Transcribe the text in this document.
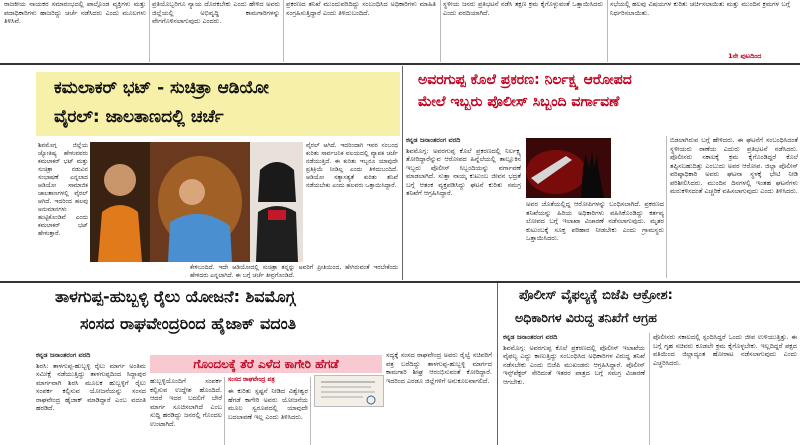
ರಾಜಕೀಯ ನಾಯಕರ ಸಮಾರಂಭದಲ್ಲಿ ಪಾಲ್ಗೊಂಡ ವ್ಯಕ್ತಿಗಳು ಮತ್ತು ಪದಾಧಿಕಾರಿಗಳು ಹಾಜರಿದ್ದು ಚರ್ಚೆ ನಡೆಸಿದರು ಎಂದು ಮೂಲಗಳು ತಿಳಿಸಿವೆ.
ಪ್ರತಿಯೊಬ್ಬರಿಗೂ ನ್ಯಾಯ ದೊರಕಬೇಕು ಎಂದು ಹೇಳಿದ ಅವರು ಜಿಲ್ಲೆಯಲ್ಲಿ ಅಭಿವೃದ್ಧಿ ಕಾಮಗಾರಿಗಳನ್ನು ವೇಗಗೊಳಿಸಲಾಗುವುದು ಎಂದರು.
ಪ್ರಕರಣದ ತನಿಖೆ ಮುಂದುವರಿದಿದ್ದು ಸಂಬಂಧಿಸಿದ ಅಧಿಕಾರಿಗಳು ಮಾಹಿತಿ ಸಂಗ್ರಹಿಸುತ್ತಿದ್ದಾರೆ ಎಂದು ತಿಳಿದುಬಂದಿದೆ.
ಸ್ಥಳೀಯ ಜನರು ಪ್ರತಿಭಟನೆ ನಡೆಸಿ ತಕ್ಷಣ ಕ್ರಮ ಕೈಗೊಳ್ಳುವಂತೆ ಒತ್ತಾಯಿಸಿದರು ಎಂದು ವರದಿಯಾಗಿದೆ.
ಸಭೆಯಲ್ಲಿ ಹಲವು ವಿಷಯಗಳ ಕುರಿತು ಚರ್ಚಿಸಲಾಯಿತು ಮತ್ತು ಮುಂದಿನ ಕ್ರಮಗಳ ಬಗ್ಗೆ ನಿರ್ಧರಿಸಲಾಯಿತು.
1ನೇ ಪುಟದಿಂದ
ಕಮಲಾಕರ್ ಭಟ್ - ಸುಚಿತ್ರಾ ಆಡಿಯೋ
ವೈರಲ್: ಜಾಲತಾಣದಲ್ಲಿ ಚರ್ಚೆ
ಶಿವಮೊಗ್ಗ ಜಿಲ್ಲೆಯ ಜ್ಯೋತಿಷ್ಯ ಹೇಳುವವರು ಕಮಲಾಕರ್ ಭಟ್ ಮತ್ತು ಸುಚಿತ್ರಾ ನಡುವಿನ ಸಂಭಾಷಣೆ ಎನ್ನಲಾದ ಆಡಿಯೋ ಸಾಮಾಜಿಕ ಜಾಲತಾಣಗಳಲ್ಲಿ ವೈರಲ್ ಆಗಿದೆ. ಇದರಿಂದ ಹಲವು ಅನುಮಾನಗಳು ಹುಟ್ಟಿಕೊಂಡಿವೆ ಎಂದು ಕಮಲಾಕರ್ ಭಟ್ ಹೇಳುತ್ತಾರೆ.
ವೈರಲ್ ಆಗಿದೆ. ಇದರಿಂದಾಗಿ ಇವರ ಸಂಬಂಧ ಕುರಿತು ಸಾರ್ವಜನಿಕ ವಲಯದಲ್ಲಿ ವ್ಯಾಪಕ ಚರ್ಚೆ ನಡೆಯುತ್ತಿದೆ. ಈ ಕುರಿತು ಇಬ್ಬರೂ ಯಾವುದೇ ಪ್ರತಿಕ್ರಿಯೆ ನೀಡಿಲ್ಲ ಎಂದು ತಿಳಿದುಬಂದಿದೆ. ಆಡಿಯೋ ಸತ್ಯಾಸತ್ಯತೆ ಕುರಿತು ತನಿಖೆ ನಡೆಯಬೇಕು ಎಂದು ಹಲವರು ಒತ್ತಾಯಿಸಿದ್ದಾರೆ.
ಕೇಳಿಬಂದಿದೆ. ಇದೇ ಆಡಿಯೋದಲ್ಲಿ ಸುಚಿತ್ರಾ ತನ್ನನ್ನು ಅವರಿಗೆ ಪ್ರೀತಿಯಿಂದ, ಹೇಗಿರುವಂತೆ ಇರಬೇಕೆಂದು ಹೇಳಿದರು ಎನ್ನಲಾಗಿದೆ. ಈ ಬಗ್ಗೆ ಚರ್ಚೆ ತೀವ್ರಗೊಂಡಿದೆ.
ಅವರಗುಪ್ಪ ಕೊಲೆ ಪ್ರಕರಣ: ನಿರ್ಲಕ್ಷ್ಯ ಆರೋಪದ
ಮೇಲೆ ಇಬ್ಬರು ಪೊಲೀಸ್ ಸಿಬ್ಬಂದಿ ವರ್ಗಾವಣೆ
ಕನ್ನಡ ಜನಾಂತರಂಗ ವರದಿ
ಶಿವಮೊಗ್ಗ: ಅವರಗುಪ್ಪ ಕೊಲೆ ಪ್ರಕರಣದಲ್ಲಿ ನಿರ್ಲಕ್ಷ್ಯ ತೋರಿದ್ದಾರೆನ್ನುವ ಆರೋಪದ ಹಿನ್ನೆಲೆಯಲ್ಲಿ ತಾಲ್ಲೂಕಿನ ಇಬ್ಬರು ಪೊಲೀಸ್ ಸಿಬ್ಬಂದಿಯನ್ನು ವರ್ಗಾವಣೆ ಮಾಡಲಾಗಿದೆ. ಸುತ್ತಾ ನಾಯ್ಕ ಕುಟುಂಬ ಜೀವನ ಭದ್ರತೆ ಬಗ್ಗೆ ಆತಂಕ ವ್ಯಕ್ತಪಡಿಸಿದ್ದು ಘಟನೆ ಕುರಿತು ಸಮಗ್ರ ತನಿಖೆಗೆ ಆಗ್ರಹಿಸಿದ್ದಾರೆ.
ಅವರ ಜೊತೆಯಲ್ಲಿದ್ದ ಆರೋಪಿಗಳನ್ನು ಬಂಧಿಸಲಾಗಿದೆ. ಪ್ರಕರಣದ ತನಿಖೆಯನ್ನು ಹಿರಿಯ ಅಧಿಕಾರಿಗಳು ವಹಿಸಿಕೊಂಡಿದ್ದು ಕರ್ತವ್ಯ ಲೋಪದ ಬಗ್ಗೆ ಇಲಾಖಾ ವಿಚಾರಣೆ ನಡೆಸಲಾಗುವುದು. ಮೃತರ ಕುಟುಂಬಕ್ಕೆ ಸೂಕ್ತ ಪರಿಹಾರ ನೀಡಬೇಕು ಎಂದು ಗ್ರಾಮಸ್ಥರು ಒತ್ತಾಯಿಸಿದರು.
ಬಿಡಲಾಗಿರುವ ಬಗ್ಗೆ ಹೇಳಿದರು. ಈ ಘಟನೆಗೆ ಸಂಬಂಧಿಸಿದಂತೆ ಸ್ಥಳೀಯರು ಠಾಣೆಯ ಎದುರು ಪ್ರತಿಭಟನೆ ನಡೆಸಿದರು. ಪೊಲೀಸರು ಸಕಾಲಕ್ಕೆ ಕ್ರಮ ಕೈಗೊಂಡಿದ್ದರೆ ಕೊಲೆ ತಪ್ಪಿಸಬಹುದಿತ್ತು ಎಂಬುದು ಅವರ ಆರೋಪ. ಜಿಲ್ಲಾ ಪೊಲೀಸ್ ವರಿಷ್ಠಾಧಿಕಾರಿ ಅವರು ಘಟನಾ ಸ್ಥಳಕ್ಕೆ ಭೇಟಿ ನೀಡಿ ಪರಿಶೀಲಿಸಿದರು. ಮುಂದಿನ ದಿನಗಳಲ್ಲಿ ಇಂತಹ ಘಟನೆಗಳು ಮರುಕಳಿಸದಂತೆ ಎಚ್ಚರಿಕೆ ವಹಿಸಲಾಗುವುದು ಎಂದು ತಿಳಿಸಿದರು.
ತಾಳಗುಪ್ಪ-ಹುಬ್ಬಳ್ಳಿ ರೈಲು ಯೋಜನೆ: ಶಿವಮೊಗ್ಗ
ಸಂಸದ ರಾಘವೇಂದ್ರರಿಂದ ಹೈಜಾಕ್ ವದಂತಿ
ಕನ್ನಡ ಜನಾಂತರಂಗ ವರದಿ
ಶಿರಸಿ: ತಾಳಗುಪ್ಪ-ಹುಬ್ಬಳ್ಳಿ ರೈಲು ಮಾರ್ಗ ಅಂತಿಮ ಸಮೀಕ್ಷೆ ನಡೆಯುತ್ತಿದ್ದು ತಾಳಗುಪ್ಪದಿಂದ ಸಿದ್ದಾಪುರ ಮಾರ್ಗವಾಗಿ ಶಿರಸಿ ಮೂಲಕ ಹುಬ್ಬಳ್ಳಿಗೆ ರೈಲು ಸಂಪರ್ಕ ಕಲ್ಪಿಸುವ ಯೋಜನೆಯನ್ನು ಸಂಸದ ರಾಘವೇಂದ್ರ ಹೈಜಾಕ್ ಮಾಡಿದ್ದಾರೆ ಎಂಬ ವದಂತಿ ಹರಡಿದೆ.
ಗೊಂದಲಕ್ಕೆ ತೆರೆ ಎಳೆದ ಕಾಗೇರಿ ಹೆಗಡೆ
ಹುಬ್ಬಳ್ಳಿಯೊಂದಿಗೆ ಸಂಪರ್ಕ ಕಲ್ಪಿಸುವ ಉದ್ದೇಶ ಹೊಂದಿದೆ. ಆದರೆ ಇದರ ಬದಲಿಗೆ ಬೇರೆ ಮಾರ್ಗ ಸೂಚಿಸಲಾಗಿದೆ ಎಂಬ ಸುದ್ದಿ ಹರಡಿದ್ದು ಜನರಲ್ಲಿ ಗೊಂದಲ ಉಂಟಾಗಿದೆ.
ಸಂಸದ ರಾಘವೇಂದ್ರ ಪತ್ರ
ಈ ಕುರಿತು ಸ್ಪಷ್ಟನೆ ನೀಡಿದ ವಿಶ್ವೇಶ್ವರ ಹೆಗಡೆ ಕಾಗೇರಿ ಅವರು ಯೋಜನೆಯ ಮೂಲ ಸ್ವರೂಪದಲ್ಲಿ ಯಾವುದೇ ಬದಲಾವಣೆ ಇಲ್ಲ ಎಂದು ತಿಳಿಸಿದರು.
ಸದ್ಯಕ್ಕೆ ಸಂಸದ ರಾಘವೇಂದ್ರ ಅವರು ರೈಲ್ವೆ ಸಚಿವರಿಗೆ ಪತ್ರ ಬರೆದಿದ್ದು ತಾಳಗುಪ್ಪ-ಹುಬ್ಬಳ್ಳಿ ಮಾರ್ಗದ ಕಾಮಗಾರಿ ಶೀಘ್ರ ಆರಂಭಿಸುವಂತೆ ಕೋರಿದ್ದಾರೆ. ಇದರಿಂದ ಎರಡೂ ಜಿಲ್ಲೆಗಳಿಗೆ ಅನುಕೂಲವಾಗಲಿದೆ.
ಪೊಲೀಸ್ ವೈಫಲ್ಯಕ್ಕೆ ಬಿಜೆಪಿ ಆಕ್ರೋಶ:
ಅಧಿಕಾರಿಗಳ ವಿರುದ್ಧ ತನಿಖೆಗೆ ಆಗ್ರಹ
ಕನ್ನಡ ಜನಾಂತರಂಗ ವರದಿ
ಶಿವಮೊಗ್ಗ: ಅವರಗುಪ್ಪ ಕೊಲೆ ಪ್ರಕರಣದಲ್ಲಿ ಪೊಲೀಸ್ ಇಲಾಖೆಯ ವೈಫಲ್ಯ ಎದ್ದು ಕಾಣುತ್ತಿದ್ದು ಸಂಬಂಧಿಸಿದ ಅಧಿಕಾರಿಗಳ ವಿರುದ್ಧ ತನಿಖೆ ನಡೆಸಬೇಕು ಎಂದು ಬಿಜೆಪಿ ಮುಖಂಡರು ಆಗ್ರಹಿಸಿದ್ದಾರೆ. ಪೊಲೀಸ್ ಇನ್ಸ್‌ಪೆಕ್ಟರ್ ಸೇರಿದಂತೆ ಇತರರ ಪಾತ್ರದ ಬಗ್ಗೆ ಸಮಗ್ರ ವಿಚಾರಣೆ ಆಗಬೇಕು.
ಪೊಲೀಸರು ಸಕಾಲದಲ್ಲಿ ಸ್ಪಂದಿಸಿದ್ದರೆ ಒಂದು ಜೀವ ಉಳಿಯುತ್ತಿತ್ತು. ಈ ಬಗ್ಗೆ ಗೃಹ ಸಚಿವರು ಕೂಡಲೇ ಕ್ರಮ ಕೈಗೊಳ್ಳಬೇಕು. ಇಲ್ಲದಿದ್ದರೆ ಪಕ್ಷದ ವತಿಯಿಂದ ಜಿಲ್ಲಾದ್ಯಂತ ಹೋರಾಟ ನಡೆಸಲಾಗುವುದು ಎಂದು ಎಚ್ಚರಿಸಿದರು.
